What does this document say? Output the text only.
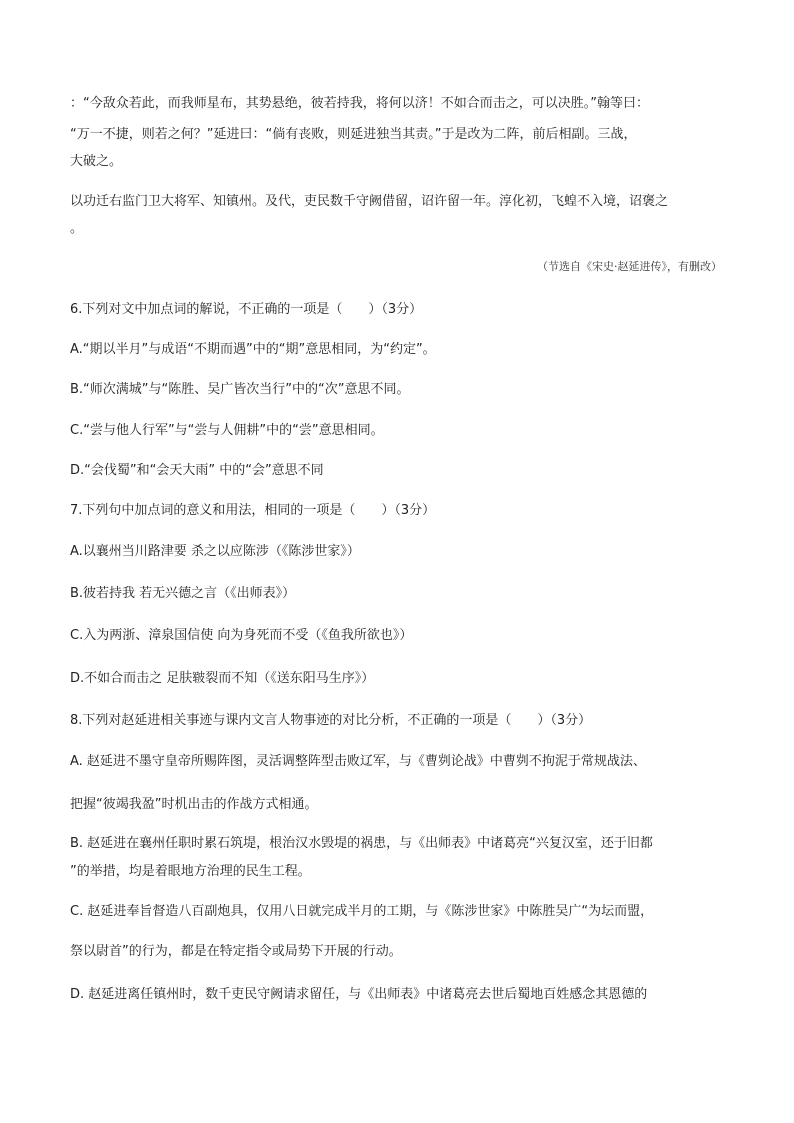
：“今敌众若此，而我师星布，其势悬绝，彼若持我，将何以济！不如合而击之，可以决胜。”翰等曰：
“万一不捷，则若之何？”延进曰：“倘有丧败，则延进独当其责。”于是改为二阵，前后相副。三战，
大破之。
以功迁右监门卫大将军、知镇州。及代，吏民数千守阙借留，诏许留一年。淳化初，飞蝗不入境，诏褒之
。
（节选自《宋史·赵延进传》，有删改）
6.下列对文中加点词的解说，不正确的一项是（　　）（3分）
A.“期以半月”与成语“不期而遇”中的“期”意思相同，为“约定”。
B.“师次满城”与“陈胜、吴广皆次当行”中的“次”意思不同。
C.“尝与他人行军”与“尝与人佣耕”中的“尝”意思相同。
D.“会伐蜀”和“会天大雨” 中的“会”意思不同
7.下列句中加点词的意义和用法，相同的一项是（　　）（3分）
A.以襄州当川路津要 杀之以应陈涉（《陈涉世家》）
B.彼若持我 若无兴德之言（《出师表》）
C.入为两浙、漳泉国信使 向为身死而不受（《鱼我所欲也》）
D.不如合而击之 足肤皲裂而不知（《送东阳马生序》）
8.下列对赵延进相关事迹与课内文言人物事迹的对比分析，不正确的一项是（　　）（3分）
A. 赵延进不墨守皇帝所赐阵图，灵活调整阵型击败辽军，与《曹刿论战》中曹刿不拘泥于常规战法、
把握“彼竭我盈”时机出击的作战方式相通。
B. 赵延进在襄州任职时累石筑堤，根治汉水毁堤的祸患，与《出师表》中诸葛亮“兴复汉室，还于旧都
”的举措，均是着眼地方治理的民生工程。
C. 赵延进奉旨督造八百副炮具，仅用八日就完成半月的工期，与《陈涉世家》中陈胜吴广“为坛而盟，
祭以尉首”的行为，都是在特定指令或局势下开展的行动。
D. 赵延进离任镇州时，数千吏民守阙请求留任，与《出师表》中诸葛亮去世后蜀地百姓感念其恩德的
